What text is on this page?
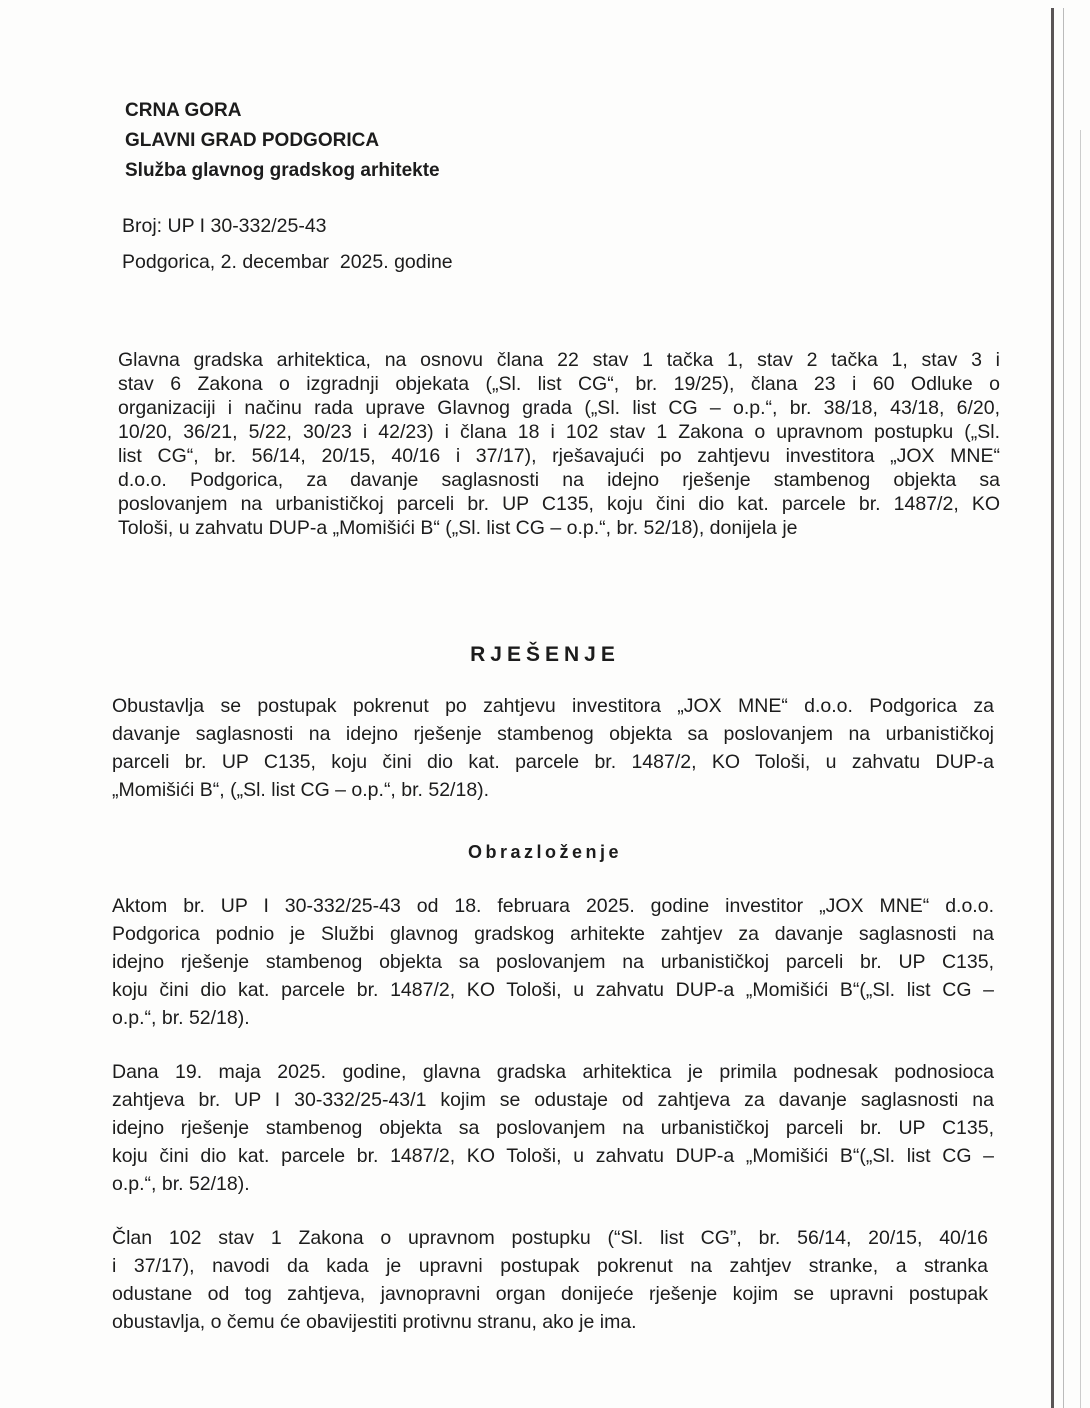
CRNA GORA
GLAVNI GRAD PODGORICA
Služba glavnog gradskog arhitekte
Broj: UP I 30-332/25-43
Podgorica, 2. decembar  2025. godine
Glavna gradska arhitektica, na osnovu člana 22 stav 1 tačka 1, stav 2 tačka 1, stav 3 i
stav 6 Zakona o izgradnji objekata („Sl. list CG“, br. 19/25), člana 23 i 60 Odluke o
organizaciji i načinu rada uprave Glavnog grada („Sl. list CG – o.p.“, br. 38/18, 43/18, 6/20,
10/20, 36/21, 5/22, 30/23 i 42/23) i člana 18 i 102 stav 1 Zakona o upravnom postupku („Sl.
list CG“, br. 56/14, 20/15, 40/16 i 37/17), rješavajući po zahtjevu investitora „JOX MNE“
d.o.o. Podgorica, za davanje saglasnosti na idejno rješenje stambenog objekta sa
poslovanjem na urbanističkoj parceli br. UP C135, koju čini dio kat. parcele br. 1487/2, KO
Tološi, u zahvatu DUP-a „Momišići B“ („Sl. list CG – o.p.“, br. 52/18), donijela je
RJEŠENJE
Obustavlja se postupak pokrenut po zahtjevu investitora „JOX MNE“ d.o.o. Podgorica za
davanje saglasnosti na idejno rješenje stambenog objekta sa poslovanjem na urbanističkoj
parceli br. UP C135, koju čini dio kat. parcele br. 1487/2, KO Tološi, u zahvatu DUP-a
„Momišići B“, („Sl. list CG – o.p.“, br. 52/18).
Obrazloženje
Aktom br. UP I 30-332/25-43 od 18. februara 2025. godine investitor „JOX MNE“ d.o.o.
Podgorica podnio je Službi glavnog gradskog arhitekte zahtjev za davanje saglasnosti na
idejno rješenje stambenog objekta sa poslovanjem na urbanističkoj parceli br. UP C135,
koju čini dio kat. parcele br. 1487/2, KO Tološi, u zahvatu DUP-a „Momišići B“(„Sl. list CG –
o.p.“, br. 52/18).
Dana 19. maja 2025. godine, glavna gradska arhitektica je primila podnesak podnosioca
zahtjeva br. UP I 30-332/25-43/1 kojim se odustaje od zahtjeva za davanje saglasnosti na
idejno rješenje stambenog objekta sa poslovanjem na urbanističkoj parceli br. UP C135,
koju čini dio kat. parcele br. 1487/2, KO Tološi, u zahvatu DUP-a „Momišići B“(„Sl. list CG –
o.p.“, br. 52/18).
Član 102 stav 1 Zakona o upravnom postupku (“Sl. list CG”, br. 56/14, 20/15, 40/16
i 37/17), navodi da kada je upravni postupak pokrenut na zahtjev stranke, a stranka
odustane od tog zahtjeva, javnopravni organ donijeće rješenje kojim se upravni postupak
obustavlja, o čemu će obavijestiti protivnu stranu, ako je ima.
